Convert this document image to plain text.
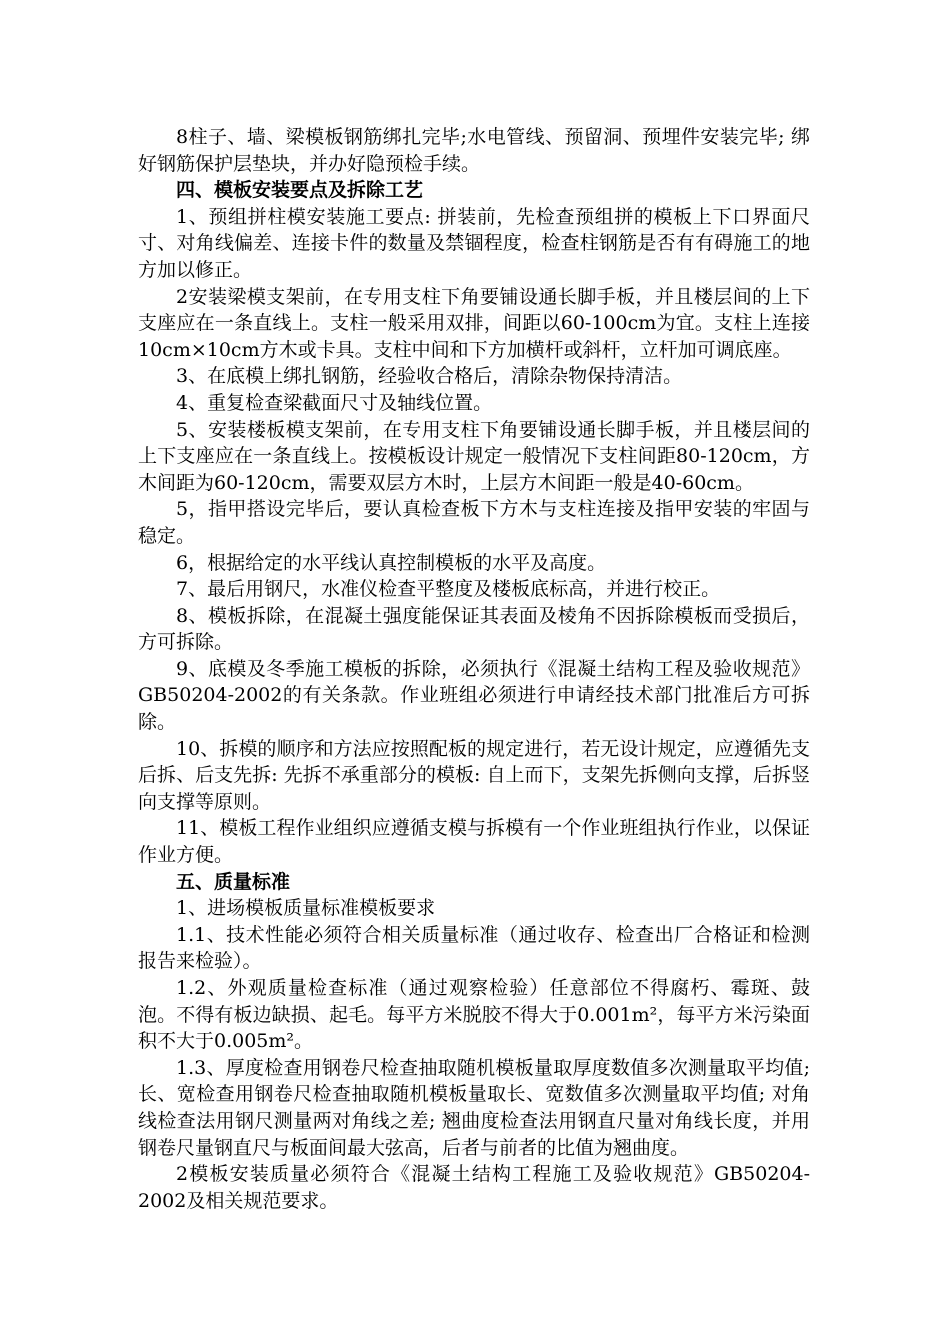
8柱子、墙、梁模板钢筋绑扎完毕;水电管线、预留洞、预埋件安装完毕; 绑好钢筋保护层垫块，并办好隐预检手续。

四、模板安装要点及拆除工艺

1、预组拼柱模安装施工要点: 拼装前，先检查预组拼的模板上下口界面尺寸、对角线偏差、连接卡件的数量及禁锢程度，检查柱钢筋是否有有碍施工的地方加以修正。

2安装梁模支架前，在专用支柱下角要铺设通长脚手板，并且楼层间的上下支座应在一条直线上。支柱一般采用双排，间距以60-100cm为宜。支柱上连接10cm×10cm方木或卡具。支柱中间和下方加横杆或斜杆，立杆加可调底座。

3、在底模上绑扎钢筋，经验收合格后，清除杂物保持清洁。

4、重复检查梁截面尺寸及轴线位置。

5、安装楼板模支架前，在专用支柱下角要铺设通长脚手板，并且楼层间的上下支座应在一条直线上。按模板设计规定一般情况下支柱间距80-120cm，方木间距为60-120cm，需要双层方木时，上层方木间距一般是40-60cm。

5，指甲搭设完毕后，要认真检查板下方木与支柱连接及指甲安装的牢固与稳定。

6，根据给定的水平线认真控制模板的水平及高度。

7、最后用钢尺，水准仪检查平整度及楼板底标高，并进行校正。

8、模板拆除，在混凝土强度能保证其表面及棱角不因拆除模板而受损后，方可拆除。

9、底模及冬季施工模板的拆除，必须执行《混凝土结构工程及验收规范》GB50204-2002的有关条款。作业班组必须进行申请经技术部门批准后方可拆除。

10、拆模的顺序和方法应按照配板的规定进行，若无设计规定，应遵循先支后拆、后支先拆: 先拆不承重部分的模板: 自上而下，支架先拆侧向支撑，后拆竖向支撑等原则。

11、模板工程作业组织应遵循支模与拆模有一个作业班组执行作业，以保证作业方便。

五、质量标准

1、进场模板质量标准模板要求

1.1、技术性能必须符合相关质量标准（通过收存、检查出厂合格证和检测报告来检验）。

1.2、外观质量检查标准（通过观察检验）任意部位不得腐朽、霉斑、鼓泡。不得有板边缺损、起毛。每平方米脱胶不得大于0.001m²，每平方米污染面积不大于0.005m²。

1.3、厚度检查用钢卷尺检查抽取随机模板量取厚度数值多次测量取平均值; 长、宽检查用钢卷尺检查抽取随机模板量取长、宽数值多次测量取平均值; 对角线检查法用钢尺测量两对角线之差; 翘曲度检查法用钢直尺量对角线长度，并用钢卷尺量钢直尺与板面间最大弦高，后者与前者的比值为翘曲度。

2模板安装质量必须符合《混凝土结构工程施工及验收规范》GB50204-2002及相关规范要求。
